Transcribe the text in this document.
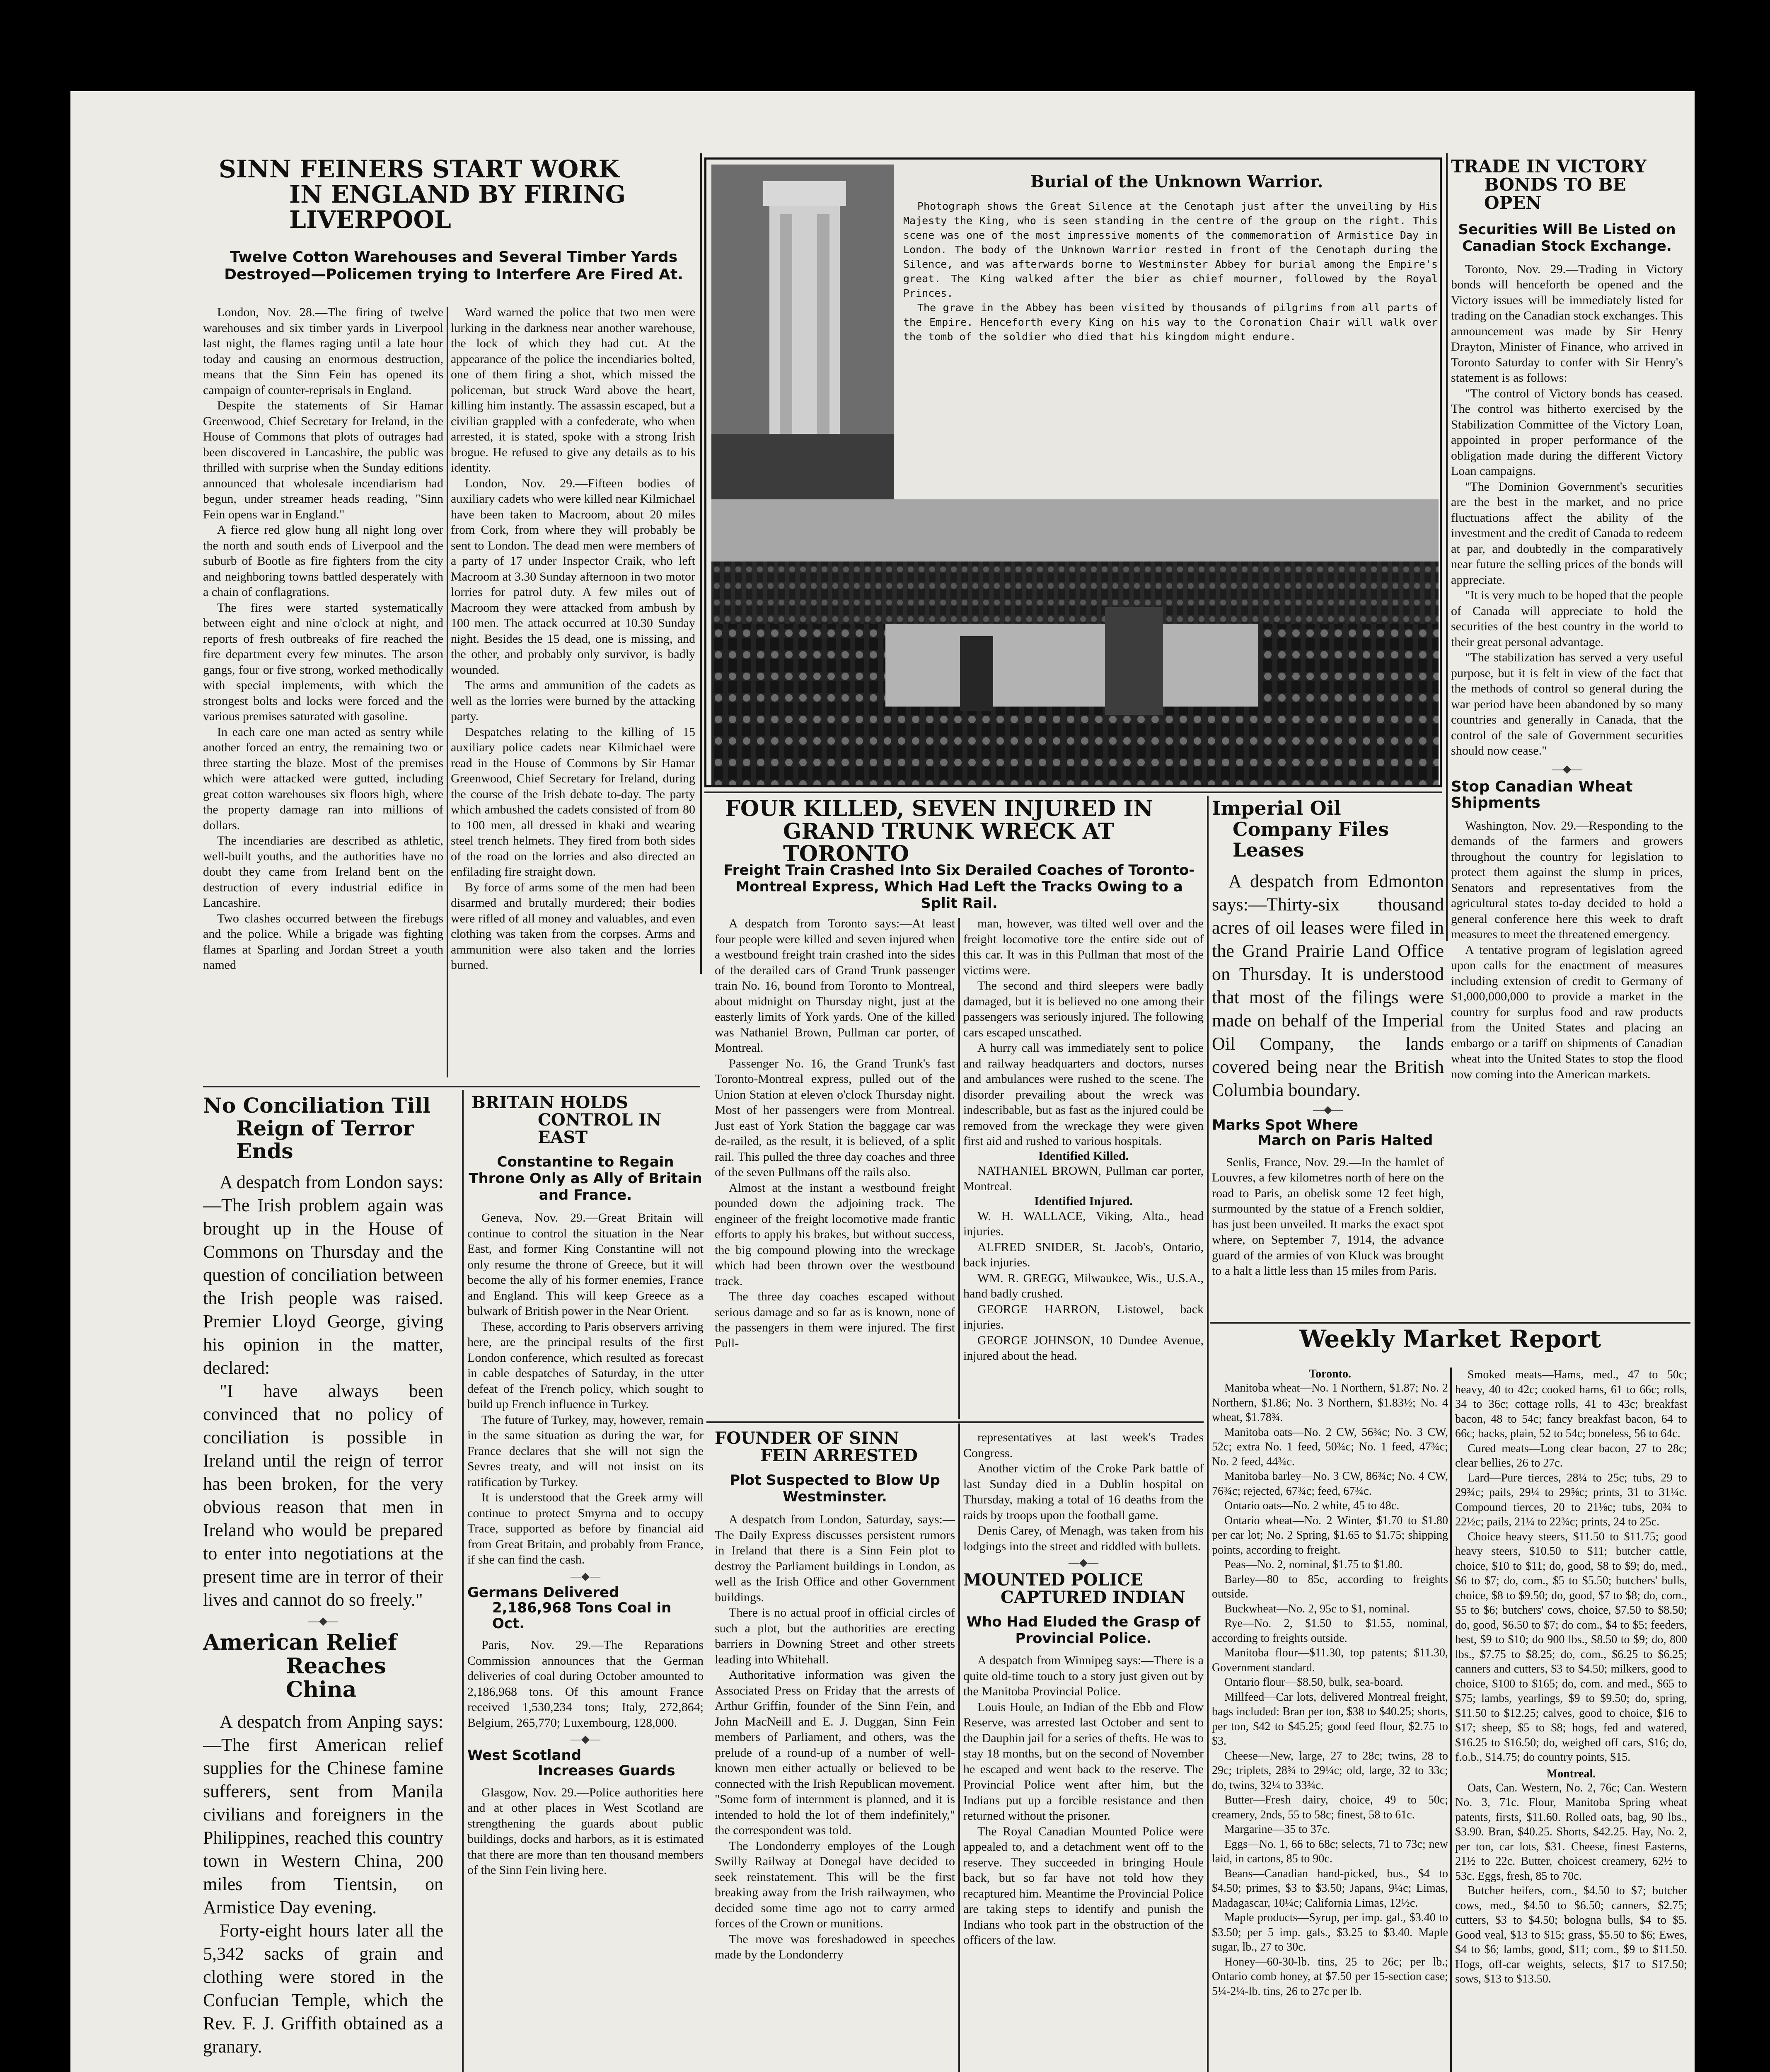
SINN FEINERS START WORK
IN ENGLAND BY FIRING LIVERPOOL
Twelve Cotton Warehouses and Several Timber Yards Destroyed—Policemen trying to Interfere Are Fired At.

London, Nov. 28.—The firing of twelve warehouses and six timber yards in Liverpool last night, the flames raging until a late hour today and causing an enormous destruction, means that the Sinn Fein has opened its campaign of counter-reprisals in England.

Despite the statements of Sir Hamar Greenwood, Chief Secretary for Ireland, in the House of Commons that plots of outrages had been discovered in Lancashire, the public was thrilled with surprise when the Sunday editions announced that wholesale incendiarism had begun, under streamer heads reading, "Sinn Fein opens war in England."

A fierce red glow hung all night long over the north and south ends of Liverpool and the suburb of Bootle as fire fighters from the city and neighboring towns battled desperately with a chain of conflagrations.

The fires were started systematically between eight and nine o'clock at night, and reports of fresh outbreaks of fire reached the fire department every few minutes. The arson gangs, four or five strong, worked methodically with special implements, with which the strongest bolts and locks were forced and the various premises saturated with gasoline.

In each care one man acted as sentry while another forced an entry, the remaining two or three starting the blaze. Most of the premises which were attacked were gutted, including great cotton warehouses six floors high, where the property damage ran into millions of dollars.

The incendiaries are described as athletic, well-built youths, and the authorities have no doubt they came from Ireland bent on the destruction of every industrial edifice in Lancashire.

Two clashes occurred between the firebugs and the police. While a brigade was fighting flames at Sparling and Jordan Street a youth named

Ward warned the police that two men were lurking in the darkness near another warehouse, the lock of which they had cut. At the appearance of the police the incendiaries bolted, one of them firing a shot, which missed the policeman, but struck Ward above the heart, killing him instantly. The assassin escaped, but a civilian grappled with a confederate, who when arrested, it is stated, spoke with a strong Irish brogue. He refused to give any details as to his identity.

London, Nov. 29.—Fifteen bodies of auxiliary cadets who were killed near Kilmichael have been taken to Macroom, about 20 miles from Cork, from where they will probably be sent to London. The dead men were members of a party of 17 under Inspector Craik, who left Macroom at 3.30 Sunday afternoon in two motor lorries for patrol duty. A few miles out of Macroom they were attacked from ambush by 100 men. The attack occurred at 10.30 Sunday night. Besides the 15 dead, one is missing, and the other, and probably only survivor, is badly wounded.

The arms and ammunition of the cadets as well as the lorries were burned by the attacking party.

Despatches relating to the killing of 15 auxiliary police cadets near Kilmichael were read in the House of Commons by Sir Hamar Greenwood, Chief Secretary for Ireland, during the course of the Irish debate to-day. The party which ambushed the cadets consisted of from 80 to 100 men, all dressed in khaki and wearing steel trench helmets. They fired from both sides of the road on the lorries and also directed an enfilading fire straight down.

By force of arms some of the men had been disarmed and brutally murdered; their bodies were rifled of all money and valuables, and even clothing was taken from the corpses. Arms and ammunition were also taken and the lorries burned.

Burial of the Unknown Warrior.

Photograph shows the Great Silence at the Cenotaph just after the unveiling by His Majesty the King, who is seen standing in the centre of the group on the right. This scene was one of the most impressive moments of the commemoration of Armistice Day in London. The body of the Unknown Warrior rested in front of the Cenotaph during the Silence, and was afterwards borne to Westminster Abbey for burial among the Empire's great. The King walked after the bier as chief mourner, followed by the Royal Princes.

The grave in the Abbey has been visited by thousands of pilgrims from all parts of the Empire. Henceforth every King on his way to the Coronation Chair will walk over the tomb of the soldier who died that his kingdom might endure.

TRADE IN VICTORY
BONDS TO BE OPEN
Securities Will Be Listed on Canadian Stock Exchange.

Toronto, Nov. 29.—Trading in Victory bonds will henceforth be opened and the Victory issues will be immediately listed for trading on the Canadian stock exchanges. This announcement was made by Sir Henry Drayton, Minister of Finance, who arrived in Toronto Saturday to confer with Sir Henry's statement is as follows:

"The control of Victory bonds has ceased. The control was hitherto exercised by the Stabilization Committee of the Victory Loan, appointed in proper performance of the obligation made during the different Victory Loan campaigns.

"The Dominion Government's securities are the best in the market, and no price fluctuations affect the ability of the investment and the credit of Canada to redeem at par, and doubtedly in the comparatively near future the selling prices of the bonds will appreciate.

"It is very much to be hoped that the people of Canada will appreciate to hold the securities of the best country in the world to their great personal advantage.

"The stabilization has served a very useful purpose, but it is felt in view of the fact that the methods of control so general during the war period have been abandoned by so many countries and generally in Canada, that the control of the sale of Government securities should now cease."

—◆—
Stop Canadian Wheat Shipments

Washington, Nov. 29.—Responding to the demands of the farmers and growers throughout the country for legislation to protect them against the slump in prices, Senators and representatives from the agricultural states to-day decided to hold a general conference here this week to draft measures to meet the threatened emergency.

A tentative program of legislation agreed upon calls for the enactment of measures including extension of credit to Germany of $1,000,000,000 to provide a market in the country for surplus food and raw products from the United States and placing an embargo or a tariff on shipments of Canadian wheat into the United States to stop the flood now coming into the American markets.

FOUR KILLED, SEVEN INJURED IN
GRAND TRUNK WRECK AT TORONTO
Freight Train Crashed Into Six Derailed Coaches of Toronto-Montreal Express, Which Had Left the Tracks Owing to a Split Rail.

A despatch from Toronto says:—At least four people were killed and seven injured when a westbound freight train crashed into the sides of the derailed cars of Grand Trunk passenger train No. 16, bound from Toronto to Montreal, about midnight on Thursday night, just at the easterly limits of York yards. One of the killed was Nathaniel Brown, Pullman car porter, of Montreal.

Passenger No. 16, the Grand Trunk's fast Toronto-Montreal express, pulled out of the Union Station at eleven o'clock Thursday night. Most of her passengers were from Montreal. Just east of York Station the baggage car was de-railed, as the result, it is believed, of a split rail. This pulled the three day coaches and three of the seven Pullmans off the rails also.

Almost at the instant a westbound freight pounded down the adjoining track. The engineer of the freight locomotive made frantic efforts to apply his brakes, but without success, the big compound plowing into the wreckage which had been thrown over the westbound track.

The three day coaches escaped without serious damage and so far as is known, none of the passengers in them were injured. The first Pull-

man, however, was tilted well over and the freight locomotive tore the entire side out of this car. It was in this Pullman that most of the victims were.

The second and third sleepers were badly damaged, but it is believed no one among their passengers was seriously injured. The following cars escaped unscathed.

A hurry call was immediately sent to police and railway headquarters and doctors, nurses and ambulances were rushed to the scene. The disorder prevailing about the wreck was indescribable, but as fast as the injured could be removed from the wreckage they were given first aid and rushed to various hospitals.

Identified Killed.

NATHANIEL BROWN, Pullman car porter, Montreal.

Identified Injured.

W. H. WALLACE, Viking, Alta., head injuries.

ALFRED SNIDER, St. Jacob's, Ontario, back injuries.

WM. R. GREGG, Milwaukee, Wis., U.S.A., hand badly crushed.

GEORGE HARRON, Listowel, back injuries.

GEORGE JOHNSON, 10 Dundee Avenue, injured about the head.

Imperial Oil
Company Files Leases

A despatch from Edmonton says:—Thirty-six thousand acres of oil leases were filed in the Grand Prairie Land Office on Thursday. It is understood that most of the filings were made on behalf of the Imperial Oil Company, the lands covered being near the British Columbia boundary.

—◆—
Marks Spot Where
March on Paris Halted

Senlis, France, Nov. 29.—In the hamlet of Louvres, a few kilometres north of here on the road to Paris, an obelisk some 12 feet high, surmounted by the statue of a French soldier, has just been unveiled. It marks the exact spot where, on September 7, 1914, the advance guard of the armies of von Kluck was brought to a halt a little less than 15 miles from Paris.

No Conciliation Till
Reign of Terror Ends

A despatch from London says:—The Irish problem again was brought up in the House of Commons on Thursday and the question of conciliation between the Irish people was raised. Premier Lloyd George, giving his opinion in the matter, declared:

"I have always been convinced that no policy of conciliation is possible in Ireland until the reign of terror has been broken, for the very obvious reason that men in Ireland who would be prepared to enter into negotiations at the present time are in terror of their lives and cannot do so freely."

—◆—
American Relief
Reaches China

A despatch from Anping says:—The first American relief supplies for the Chinese famine sufferers, sent from Manila civilians and foreigners in the Philippines, reached this country town in Western China, 200 miles from Tientsin, on Armistice Day evening.

Forty-eight hours later all the 5,342 sacks of grain and clothing were stored in the Confucian Temple, which the Rev. F. J. Griffith obtained as a granary.

BRITAIN HOLDS
CONTROL IN EAST
Constantine to Regain Throne Only as Ally of Britain and France.

Geneva, Nov. 29.—Great Britain will continue to control the situation in the Near East, and former King Constantine will not only resume the throne of Greece, but it will become the ally of his former enemies, France and England. This will keep Greece as a bulwark of British power in the Near Orient.

These, according to Paris observers arriving here, are the principal results of the first London conference, which resulted as forecast in cable despatches of Saturday, in the utter defeat of the French policy, which sought to build up French influence in Turkey.

The future of Turkey, may, however, remain in the same situation as during the war, for France declares that she will not sign the Sevres treaty, and will not insist on its ratification by Turkey.

It is understood that the Greek army will continue to protect Smyrna and to occupy Trace, supported as before by financial aid from Great Britain, and probably from France, if she can find the cash.

—◆—
Germans Delivered
2,186,968 Tons Coal in Oct.

Paris, Nov. 29.—The Reparations Commission announces that the German deliveries of coal during October amounted to 2,186,968 tons. Of this amount France received 1,530,234 tons; Italy, 272,864; Belgium, 265,770; Luxembourg, 128,000.

—◆—
West Scotland
Increases Guards

Glasgow, Nov. 29.—Police authorities here and at other places in West Scotland are strengthening the guards about public buildings, docks and harbors, as it is estimated that there are more than ten thousand members of the Sinn Fein living here.

FOUNDER OF SINN
FEIN ARRESTED
Plot Suspected to Blow Up Westminster.

A despatch from London, Saturday, says:—The Daily Express discusses persistent rumors in Ireland that there is a Sinn Fein plot to destroy the Parliament buildings in London, as well as the Irish Office and other Government buildings.

There is no actual proof in official circles of such a plot, but the authorities are erecting barriers in Downing Street and other streets leading into Whitehall.

Authoritative information was given the Associated Press on Friday that the arrests of Arthur Griffin, founder of the Sinn Fein, and John MacNeill and E. J. Duggan, Sinn Fein members of Parliament, and others, was the prelude of a round-up of a number of well-known men either actually or believed to be connected with the Irish Republican movement. "Some form of internment is planned, and it is intended to hold the lot of them indefinitely," the correspondent was told.

The Londonderry employes of the Lough Swilly Railway at Donegal have decided to seek reinstatement. This will be the first breaking away from the Irish railwaymen, who decided some time ago not to carry armed forces of the Crown or munitions.

The move was foreshadowed in speeches made by the Londonderry

representatives at last week's Trades Congress.

Another victim of the Croke Park battle of last Sunday died in a Dublin hospital on Thursday, making a total of 16 deaths from the raids by troops upon the football game.

Denis Carey, of Menagh, was taken from his lodgings into the street and riddled with bullets.

—◆—
MOUNTED POLICE
CAPTURED INDIAN
Who Had Eluded the Grasp of Provincial Police.

A despatch from Winnipeg says:—There is a quite old-time touch to a story just given out by the Manitoba Provincial Police.

Louis Houle, an Indian of the Ebb and Flow Reserve, was arrested last October and sent to the Dauphin jail for a series of thefts. He was to stay 18 months, but on the second of November he escaped and went back to the reserve. The Provincial Police went after him, but the Indians put up a forcible resistance and then returned without the prisoner.

The Royal Canadian Mounted Police were appealed to, and a detachment went off to the reserve. They succeeded in bringing Houle back, but so far have not told how they recaptured him. Meantime the Provincial Police are taking steps to identify and punish the Indians who took part in the obstruction of the officers of the law.

Weekly Market Report
Toronto.

Manitoba wheat—No. 1 Northern, $1.87; No. 2 Northern, $1.86; No. 3 Northern, $1.83½; No. 4 wheat, $1.78¾.

Manitoba oats—No. 2 CW, 56¾c; No. 3 CW, 52c; extra No. 1 feed, 50¾c; No. 1 feed, 47¾c; No. 2 feed, 44¾c.

Manitoba barley—No. 3 CW, 86¾c; No. 4 CW, 76¾c; rejected, 67¾c; feed, 67¾c.

Ontario oats—No. 2 white, 45 to 48c.

Ontario wheat—No. 2 Winter, $1.70 to $1.80 per car lot; No. 2 Spring, $1.65 to $1.75; shipping points, according to freight.

Peas—No. 2, nominal, $1.75 to $1.80.

Barley—80 to 85c, according to freights outside.

Buckwheat—No. 2, 95c to $1, nominal.

Rye—No. 2, $1.50 to $1.55, nominal, according to freights outside.

Manitoba flour—$11.30, top patents; $11.30, Government standard.

Ontario flour—$8.50, bulk, sea-board.

Millfeed—Car lots, delivered Montreal freight, bags included: Bran per ton, $38 to $40.25; shorts, per ton, $42 to $45.25; good feed flour, $2.75 to $3.

Cheese—New, large, 27 to 28c; twins, 28 to 29c; triplets, 28¾ to 29¼c; old, large, 32 to 33c; do, twins, 32¼ to 33¾c.

Butter—Fresh dairy, choice, 49 to 50c; creamery, 2nds, 55 to 58c; finest, 58 to 61c.

Margarine—35 to 37c.

Eggs—No. 1, 66 to 68c; selects, 71 to 73c; new laid, in cartons, 85 to 90c.

Beans—Canadian hand-picked, bus., $4 to $4.50; primes, $3 to $3.50; Japans, 9¼c; Limas, Madagascar, 10¼c; California Limas, 12½c.

Maple products—Syrup, per imp. gal., $3.40 to $3.50; per 5 imp. gals., $3.25 to $3.40. Maple sugar, lb., 27 to 30c.

Honey—60-30-lb. tins, 25 to 26c; per lb.; Ontario comb honey, at $7.50 per 15-section case; 5¼-2¼-lb. tins, 26 to 27c per lb.

Smoked meats—Hams, med., 47 to 50c; heavy, 40 to 42c; cooked hams, 61 to 66c; rolls, 34 to 36c; cottage rolls, 41 to 43c; breakfast bacon, 48 to 54c; fancy breakfast bacon, 64 to 66c; backs, plain, 52 to 54c; boneless, 56 to 64c.

Cured meats—Long clear bacon, 27 to 28c; clear bellies, 26 to 27c.

Lard—Pure tierces, 28¼ to 25c; tubs, 29 to 29¾c; pails, 29¼ to 29⅝c; prints, 31 to 31¼c. Compound tierces, 20 to 21⅛c; tubs, 20¾ to 22½c; pails, 21¼ to 22¾c; prints, 24 to 25c.

Choice heavy steers, $11.50 to $11.75; good heavy steers, $10.50 to $11; butcher cattle, choice, $10 to $11; do, good, $8 to $9; do, med., $6 to $7; do, com., $5 to $5.50; butchers' bulls, choice, $8 to $9.50; do, good, $7 to $8; do, com., $5 to $6; butchers' cows, choice, $7.50 to $8.50; do, good, $6.50 to $7; do com., $4 to $5; feeders, best, $9 to $10; do 900 lbs., $8.50 to $9; do, 800 lbs., $7.75 to $8.25; do, com., $6.25 to $6.25; canners and cutters, $3 to $4.50; milkers, good to choice, $100 to $165; do, com. and med., $65 to $75; lambs, yearlings, $9 to $9.50; do, spring, $11.50 to $12.25; calves, good to choice, $16 to $17; sheep, $5 to $8; hogs, fed and watered, $16.25 to $16.50; do, weighed off cars, $16; do, f.o.b., $14.75; do country points, $15.

Montreal.

Oats, Can. Western, No. 2, 76c; Can. Western No. 3, 71c. Flour, Manitoba Spring wheat patents, firsts, $11.60. Rolled oats, bag, 90 lbs., $3.90. Bran, $40.25. Shorts, $42.25. Hay, No. 2, per ton, car lots, $31. Cheese, finest Easterns, 21½ to 22c. Butter, choicest creamery, 62½ to 53c. Eggs, fresh, 85 to 70c.

Butcher heifers, com., $4.50 to $7; butcher cows, med., $4.50 to $6.50; canners, $2.75; cutters, $3 to $4.50; bologna bulls, $4 to $5. Good veal, $13 to $15; grass, $5.50 to $6; Ewes, $4 to $6; lambs, good, $11; com., $9 to $11.50. Hogs, off-car weights, selects, $17 to $17.50; sows, $13 to $13.50.
